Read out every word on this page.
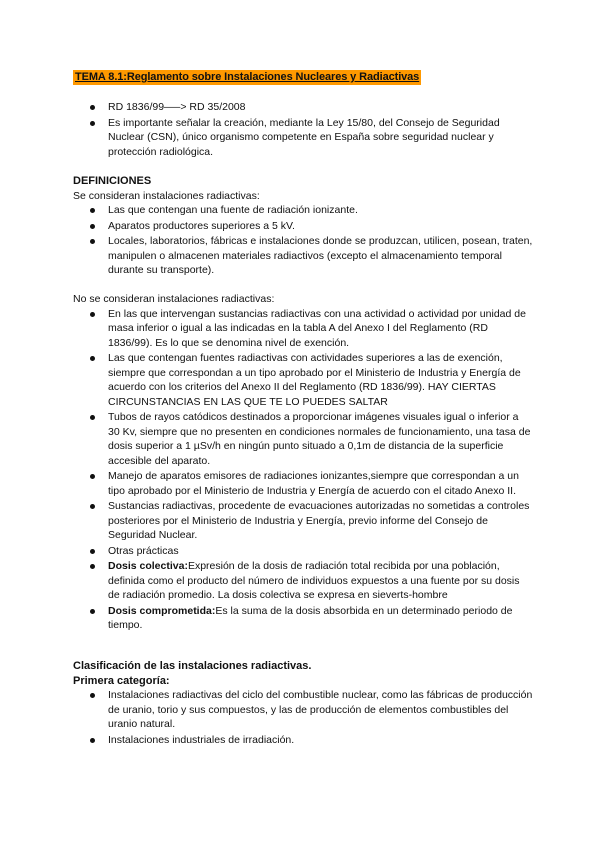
TEMA 8.1:Reglamento sobre Instalaciones Nucleares y Radiactivas
RD 1836/99—–> RD 35/2008
Es importante señalar la creación, mediante la Ley 15/80, del Consejo de Seguridad Nuclear (CSN), único organismo competente en España sobre seguridad nuclear y protección radiológica.
DEFINICIONES
Se consideran instalaciones radiactivas:
Las que contengan una fuente de radiación ionizante.
Aparatos productores superiores a 5 kV.
Locales, laboratorios, fábricas e instalaciones donde se produzcan, utilicen, posean, traten, manipulen o almacenen materiales radiactivos (excepto el almacenamiento temporal durante su transporte).
No se consideran instalaciones radiactivas:
En las que intervengan sustancias radiactivas con una actividad o actividad por unidad de masa inferior o igual a las indicadas en la tabla A del Anexo I del Reglamento (RD 1836/99). Es lo que se denomina nivel de exención.
Las que contengan fuentes radiactivas con actividades superiores a las de exención, siempre que correspondan a un tipo aprobado por el Ministerio de Industria y Energía de acuerdo con los criterios del Anexo II del Reglamento (RD 1836/99). HAY CIERTAS CIRCUNSTANCIAS EN LAS QUE TE LO PUEDES SALTAR
Tubos de rayos catódicos destinados a proporcionar imágenes visuales igual o inferior a 30 Kv, siempre que no presenten en condiciones normales de funcionamiento, una tasa de dosis superior a 1 µSv/h en ningún punto situado a 0,1m de distancia de la superficie accesible del aparato.
Manejo de aparatos emisores de radiaciones ionizantes,siempre que correspondan a un tipo aprobado por el Ministerio de Industria y Energía de acuerdo con el citado Anexo II.
Sustancias radiactivas, procedente de evacuaciones autorizadas no sometidas a controles posteriores por el Ministerio de Industria y Energía, previo informe del Consejo de Seguridad Nuclear.
Otras prácticas
Dosis colectiva:Expresión de la dosis de radiación total recibida por una población, definida como el producto del número de individuos expuestos a una fuente por su dosis de radiación promedio. La dosis colectiva se expresa en sieverts-hombre
Dosis comprometida:Es la suma de la dosis absorbida en un determinado periodo de tiempo.
Clasificación de las instalaciones radiactivas.
Primera categoría:
Instalaciones radiactivas del ciclo del combustible nuclear, como las fábricas de producción de uranio, torio y sus compuestos, y las de producción de elementos combustibles del uranio natural.
Instalaciones industriales de irradiación.
